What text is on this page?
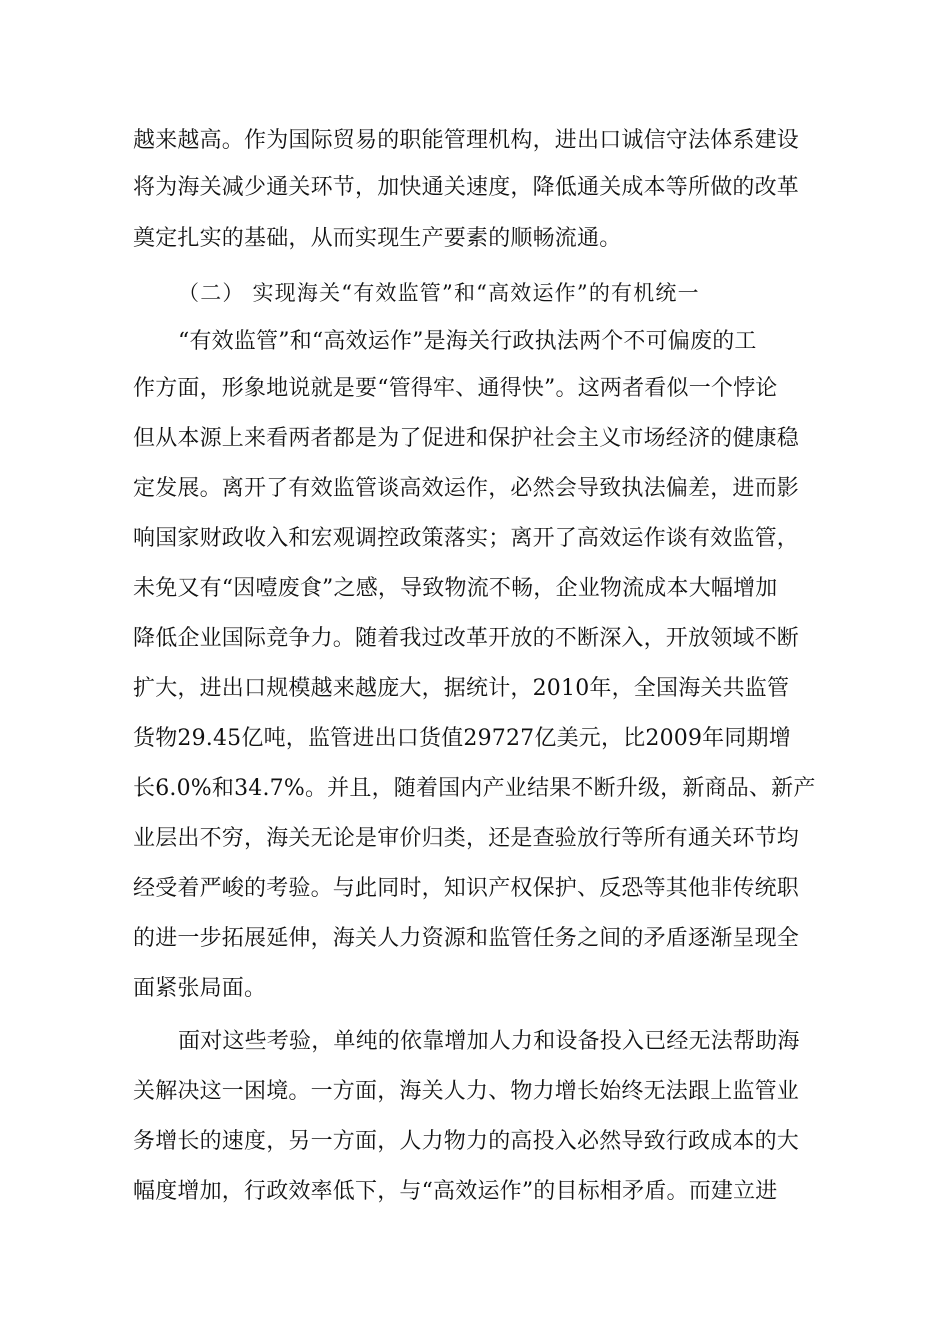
越来越高。作为国际贸易的职能管理机构，进出口诚信守法体系建设
将为海关减少通关环节，加快通关速度，降低通关成本等所做的改革
奠定扎实的基础，从而实现生产要素的顺畅流通。
（二） 实现海关“有效监管”和“高效运作”的有机统一
“有效监管”和“高效运作”是海关行政执法两个不可偏废的工
作方面，形象地说就是要“管得牢、通得快”。这两者看似一个悖论
但从本源上来看两者都是为了促进和保护社会主义市场经济的健康稳
定发展。离开了有效监管谈高效运作，必然会导致执法偏差，进而影
响国家财政收入和宏观调控政策落实；离开了高效运作谈有效监管，
未免又有“因噎废食”之感，导致物流不畅，企业物流成本大幅增加
降低企业国际竞争力。随着我过改革开放的不断深入，开放领域不断
扩大，进出口规模越来越庞大，据统计，2010年，全国海关共监管
货物29.45亿吨，监管进出口货值29727亿美元，比2009年同期增
长6.0%和34.7%。并且，随着国内产业结果不断升级，新商品、新产
业层出不穷，海关无论是审价归类，还是查验放行等所有通关环节均
经受着严峻的考验。与此同时，知识产权保护、反恐等其他非传统职
的进一步拓展延伸，海关人力资源和监管任务之间的矛盾逐渐呈现全
面紧张局面。
面对这些考验，单纯的依靠增加人力和设备投入已经无法帮助海
关解决这一困境。一方面，海关人力、物力增长始终无法跟上监管业
务增长的速度，另一方面，人力物力的高投入必然导致行政成本的大
幅度增加，行政效率低下，与“高效运作”的目标相矛盾。而建立进
